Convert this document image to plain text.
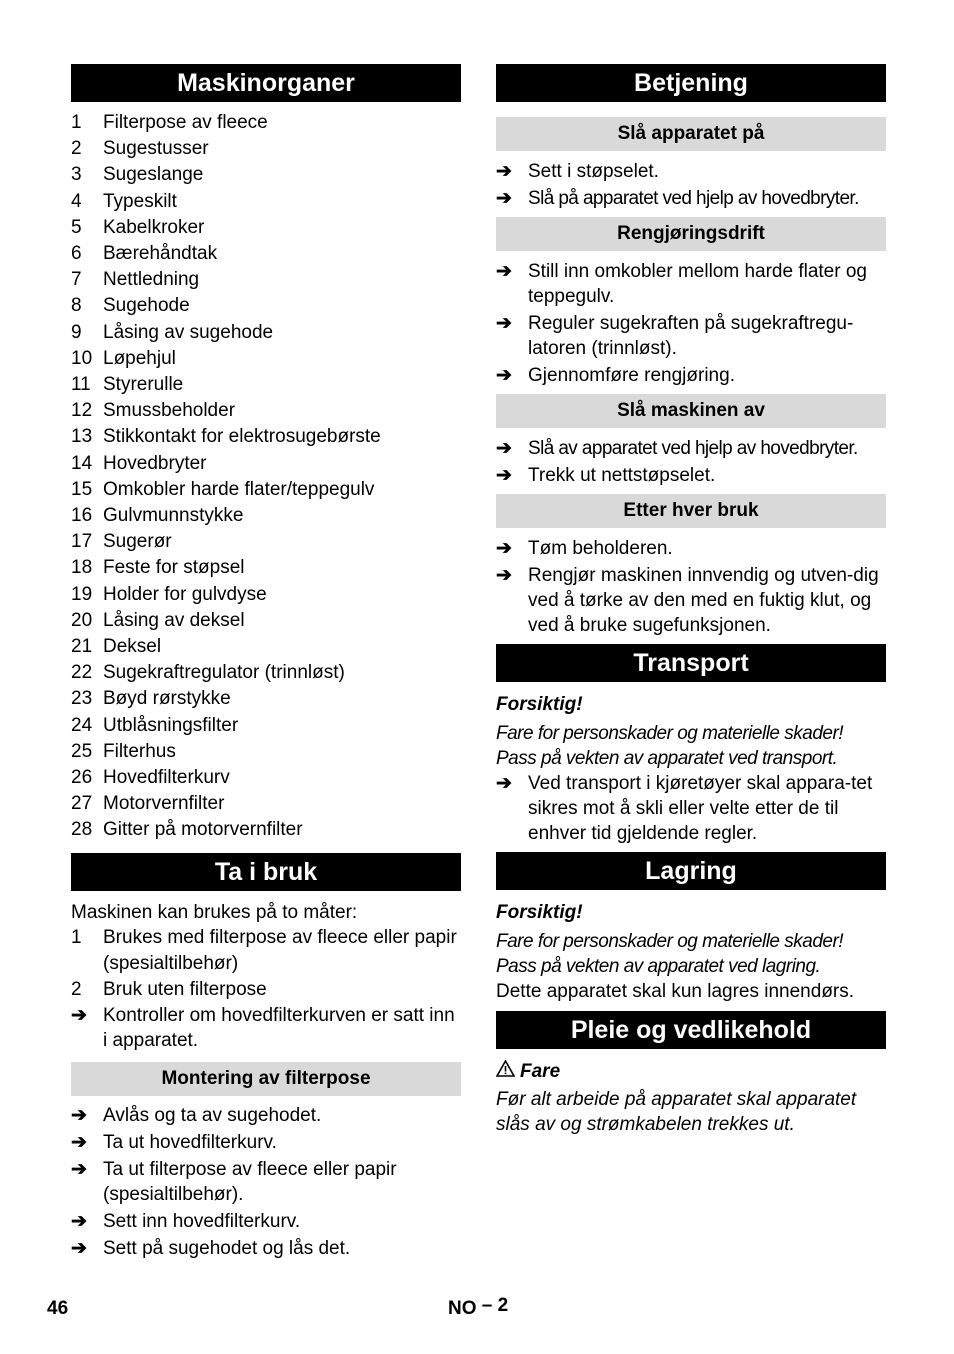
Maskinorganer
1	Filterpose av fleece
2	Sugestusser
3	Sugeslange
4	Typeskilt
5	Kabelkroker
6	Bærehåndtak
7	Nettledning
8	Sugehode
9	Låsing av sugehode
10 Løpehjul
11 Styrerulle
12 Smussbeholder
13 Stikkontakt for elektrosugebørste
14 Hovedbryter
15 Omkobler harde flater/teppegulv
16 Gulvmunnstykke
17 Sugerør
18 Feste for støpsel
19 Holder for gulvdyse
20 Låsing av deksel
21 Deksel
22 Sugekraftregulator (trinnløst)
23 Bøyd rørstykke
24 Utblåsningsfilter
25 Filterhus
26 Hovedfilterkurv
27 Motorvernfilter
28 Gitter på motorvernfilter
Ta i bruk
Maskinen kan brukes på to måter:
1	Brukes med filterpose av fleece eller papir (spesialtilbehør)
2	Bruk uten filterpose
➔ Kontroller om hovedfilterkurven er satt inn i apparatet.
Montering av filterpose
➔ Avlås og ta av sugehodet.
➔ Ta ut hovedfilterkurv.
➔ Ta ut filterpose av fleece eller papir (spesialtilbehør).
➔ Sett inn hovedfilterkurv.
➔ Sett på sugehodet og lås det.
Betjening
Slå apparatet på
➔ Sett i støpselet.
➔ Slå på apparatet ved hjelp av hovedbryter.
Rengjøringsdrift
➔ Still inn omkobler mellom harde flater og teppegulv.
➔ Reguler sugekraften på sugekraftregu-latoren (trinnløst).
➔ Gjennomføre rengjøring.
Slå maskinen av
➔ Slå av apparatet ved hjelp av hovedbryter.
➔ Trekk ut nettstøpselet.
Etter hver bruk
➔ Tøm beholderen.
➔ Rengjør maskinen innvendig og utven-dig ved å tørke av den med en fuktig klut, og ved å bruke sugefunksjonen.
Transport
Forsiktig!
Fare for personskader og materielle skader!
Pass på vekten av apparatet ved transport.
➔ Ved transport i kjøretøyer skal appara-tet sikres mot å skli eller velte etter de til enhver tid gjeldende regler.
Lagring
Forsiktig!
Fare for personskader og materielle skader!
Pass på vekten av apparatet ved lagring.
Dette apparatet skal kun lagres innendørs.
Pleie og vedlikehold
Fare
Før alt arbeide på apparatet skal apparatet slås av og strømkabelen trekkes ut.
46	NO – 2
